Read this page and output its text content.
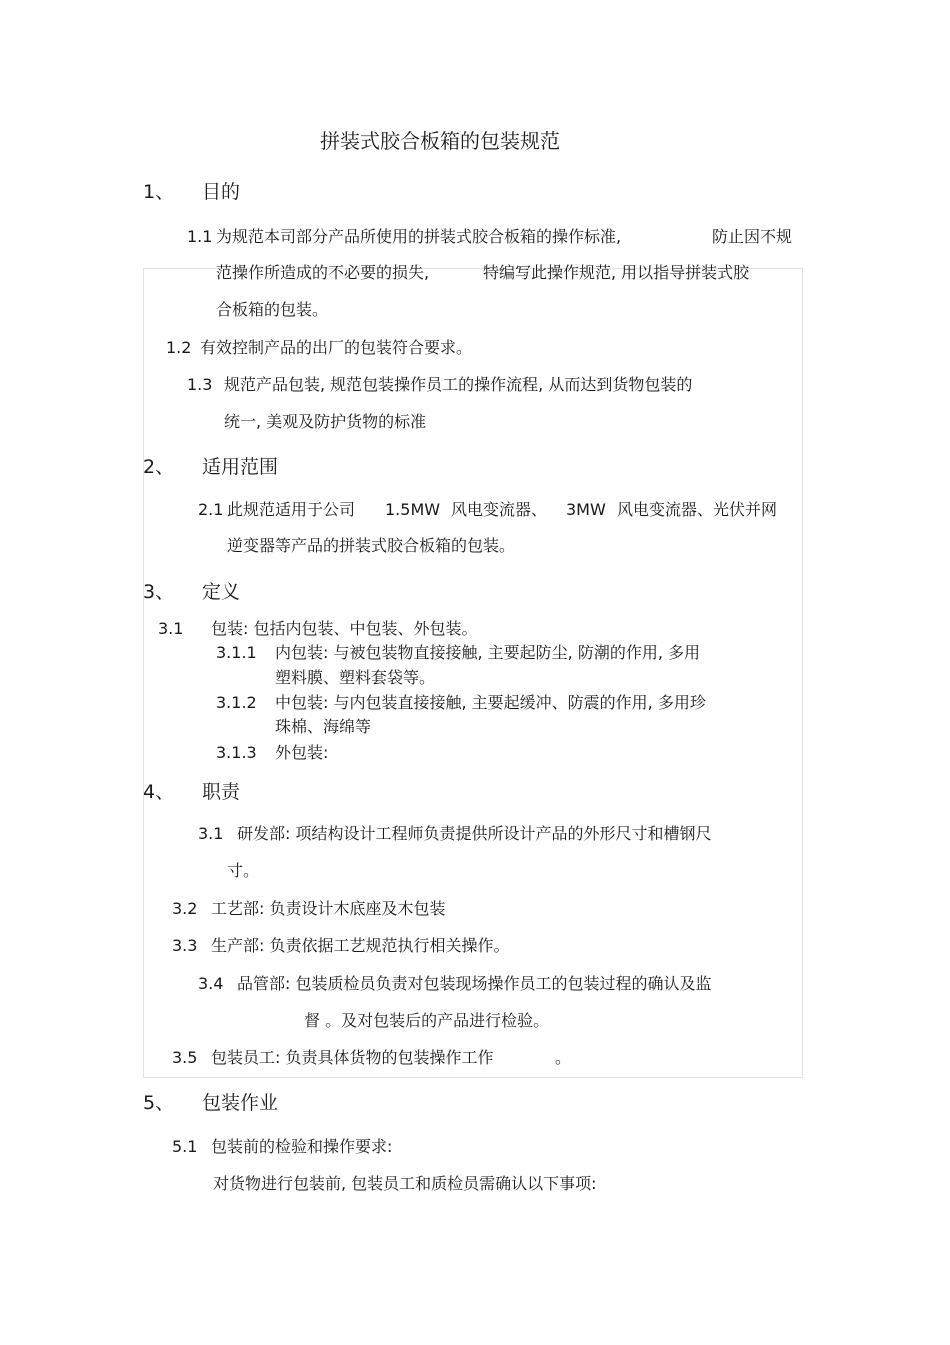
拼装式胶合板箱的包装规范
1、 目的
1.1 为规范本司部分产品所使用的拼装式胶合板箱的操作标准,	防止因不规
范操作所造成的不必要的损失,	特编写此操作规范, 用以指导拼装式胶
合板箱的包装。
1.2 有效控制产品的出厂的包装符合要求。
1.3 规范产品包装, 规范包装操作员工的操作流程, 从而达到货物包装的
统一, 美观及防护货物的标准
2、 适用范围
2.1 此规范适用于公司 1.5MW 风电变流器、 3MW 风电变流器、光伏并网
逆变器等产品的拼装式胶合板箱的包装。
3、 定义
3.1 包装: 包括内包装、中包装、外包装。
3.1.1 内包装: 与被包装物直接接触, 主要起防尘, 防潮的作用, 多用
塑料膜、塑料套袋等。
3.1.2 中包装: 与内包装直接接触, 主要起缓冲、防震的作用, 多用珍
珠棉、海绵等
3.1.3 外包装:
4、 职责
3.1 研发部: 项结构设计工程师负责提供所设计产品的外形尺寸和槽钢尺
寸。
3.2 工艺部: 负责设计木底座及木包装
3.3 生产部: 负责依据工艺规范执行相关操作。
3.4 品管部: 包装质检员负责对包装现场操作员工的包装过程的确认及监
督 。及对包装后的产品进行检验。
3.5 包装员工: 负责具体货物的包装操作工作	。
5、 包装作业
5.1 包装前的检验和操作要求:
对货物进行包装前, 包装员工和质检员需确认以下事项:
